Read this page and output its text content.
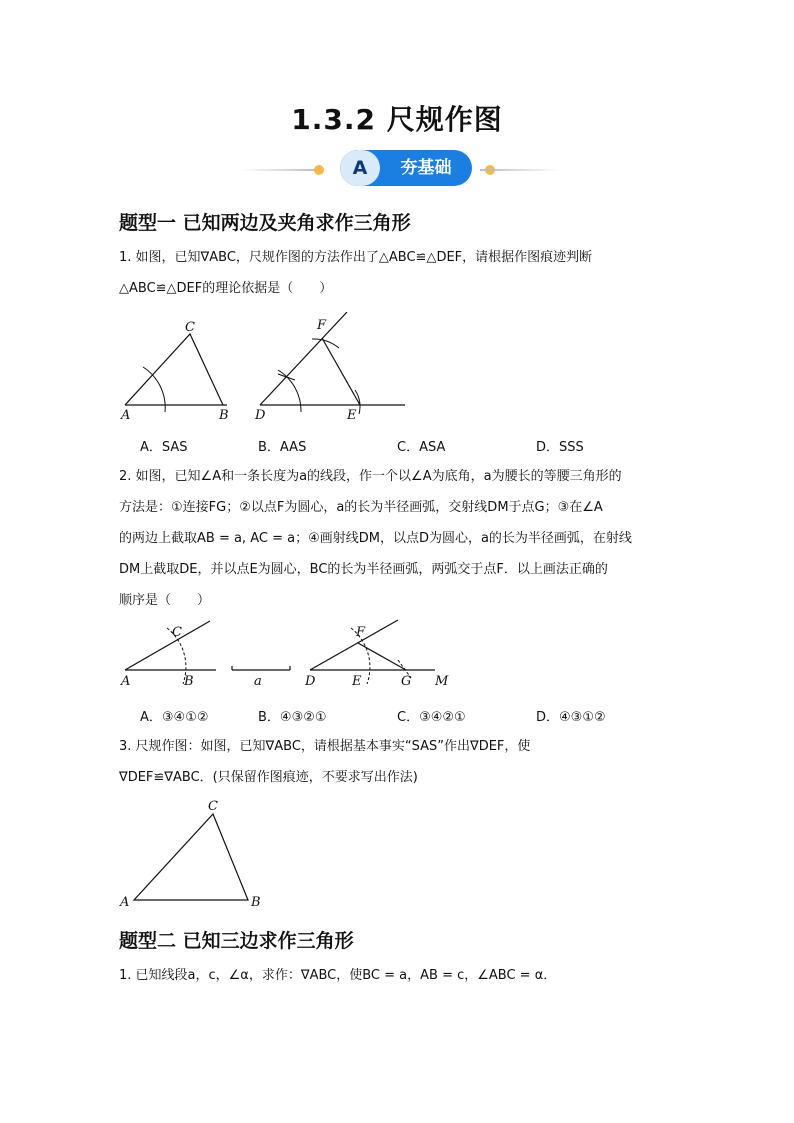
1.3.2 尺规作图
A	夯基础
题型一 已知两边及夹角求作三角形
1. 如图，已知∇ABC，尺规作图的方法作出了△ABC≌△DEF，请根据作图痕迹判断
△ABC≌△DEF的理论依据是（　　）
C
A	B
F
D	E
A．SAS	B．AAS	C．ASA	D．SSS
2. 如图，已知∠A和一条长度为a的线段，作一个以∠A为底角，a为腰长的等腰三角形的
方法是：①连接FG；②以点F为圆心，a的长为半径画弧，交射线DM于点G；③在∠A
的两边上截取AB = a, AC = a；④画射线DM，以点D为圆心，a的长为半径画弧，在射线
DM上截取DE，并以点E为圆心，BC的长为半径画弧，两弧交于点F．以上画法正确的
顺序是（　　）
C
A	B	a
F
D	E	G M
A．③④①②	B．④③②①	C．③④②①	D．④③①②
3. 尺规作图：如图，已知∇ABC，请根据基本事实“SAS”作出∇DEF，使
∇DEF≌∇ABC．(只保留作图痕迹，不要求写出作法)
C
A	B
题型二 已知三边求作三角形
1. 已知线段a，c，∠α，求作：∇ABC，使BC = a，AB = c，∠ABC = α．
